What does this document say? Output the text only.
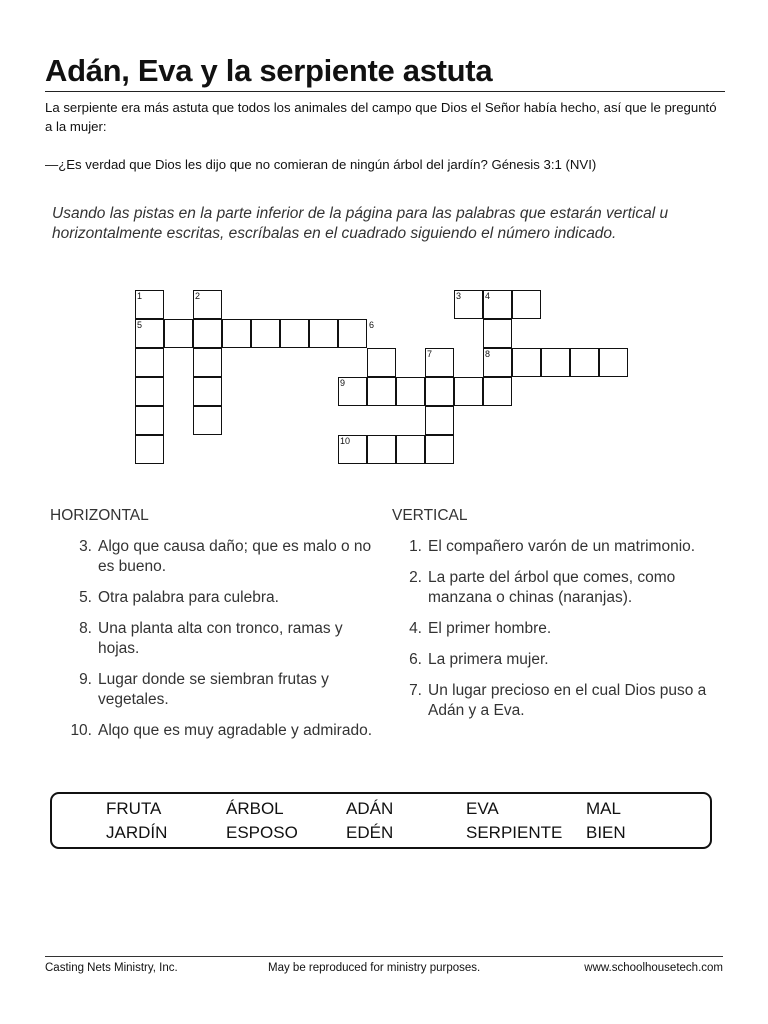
Adán, Eva y la serpiente astuta
La serpiente era más astuta que todos los animales del campo que Dios el Señor había hecho, así que le preguntó a la mujer:
—¿Es verdad que Dios les dijo que no comieran de ningún árbol del jardín? Génesis 3:1 (NVI)
Usando las pistas en la parte inferior de la página para las palabras que estarán vertical u horizontalmente escritas, escríbalas en el cuadrado siguiendo el número indicado.
1	2	3	4
5	6
7	8
9
10
HORIZONTAL	VERTICAL
3. Algo que causa daño; que es malo o no es bueno.
5. Otra palabra para culebra.
8. Una planta alta con tronco, ramas y hojas.
9. Lugar donde se siembran frutas y vegetales.
10. Alqo que es muy agradable y admirado.
1. El compañero varón de un matrimonio.
2. La parte del árbol que comes, como manzana o chinas (naranjas).
4. El primer hombre.
6. La primera mujer.
7. Un lugar precioso en el cual Dios puso a Adán y a Eva.
FRUTA	ÁRBOL	ADÁN	EVA	MAL
JARDÍN	ESPOSO	EDÉN	SERPIENTE BIEN
Casting Nets Ministry, Inc.	May be reproduced for ministry purposes.	www.schoolhousetech.com
